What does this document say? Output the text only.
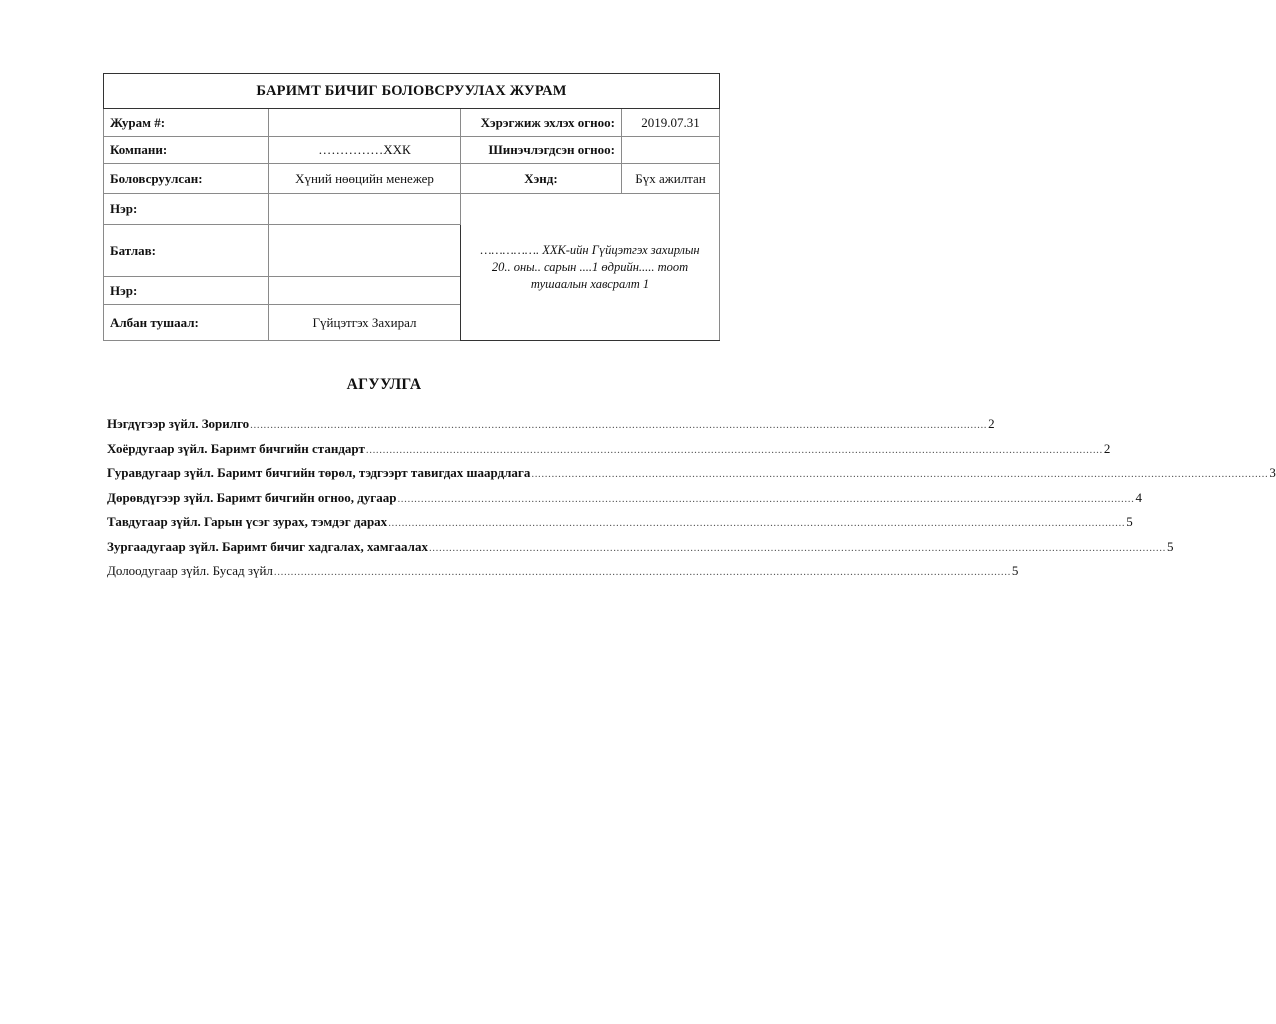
БАРИМТ БИЧИГ БОЛОВСРУУЛАХ ЖУРАМ			
Журам #:		Хэрэгжиж эхлэх огноо:	2019.07.31
Компани:	……………ХХК	Шинэчлэгдсэн огноо:	
Боловсруулсан:	Хүний нөөцийн менежер	Хэнд:	Бүх ажилтан
Нэр:		……………. ХХК-ийн Гүйцэтгэх захирлын 20.. оны.. сарын ....1 өдрийн..... тоот тушаалын хавсралт 1	
Батлав:			
Нэр:			
Албан тушаал:	Гүйцэтгэх Захирал		
АГУУЛГА
Нэгдүгээр зүйл. Зорилго ............................................................................................................................................................................................................................ 2
Хоёрдугаар зүйл. Баримт бичгийн стандарт ............................................................................................................................................................................................................................ 2
Гуравдугаар зүйл. Баримт бичгийн төрөл, тэдгээрт тавигдах шаардлага ............................................................................................................................................................................................................................ 3
Дөрөвдүгээр зүйл. Баримт бичгийн огноо, дугаар ............................................................................................................................................................................................................................ 4
Тавдугаар зүйл. Гарын үсэг зурах, тэмдэг дарах ............................................................................................................................................................................................................................ 5
Зургаадугаар зүйл. Баримт бичиг хадгалах, хамгаалах ............................................................................................................................................................................................................................ 5
Долоодугаар зүйл. Бусад зүйл ............................................................................................................................................................................................................................ 5
